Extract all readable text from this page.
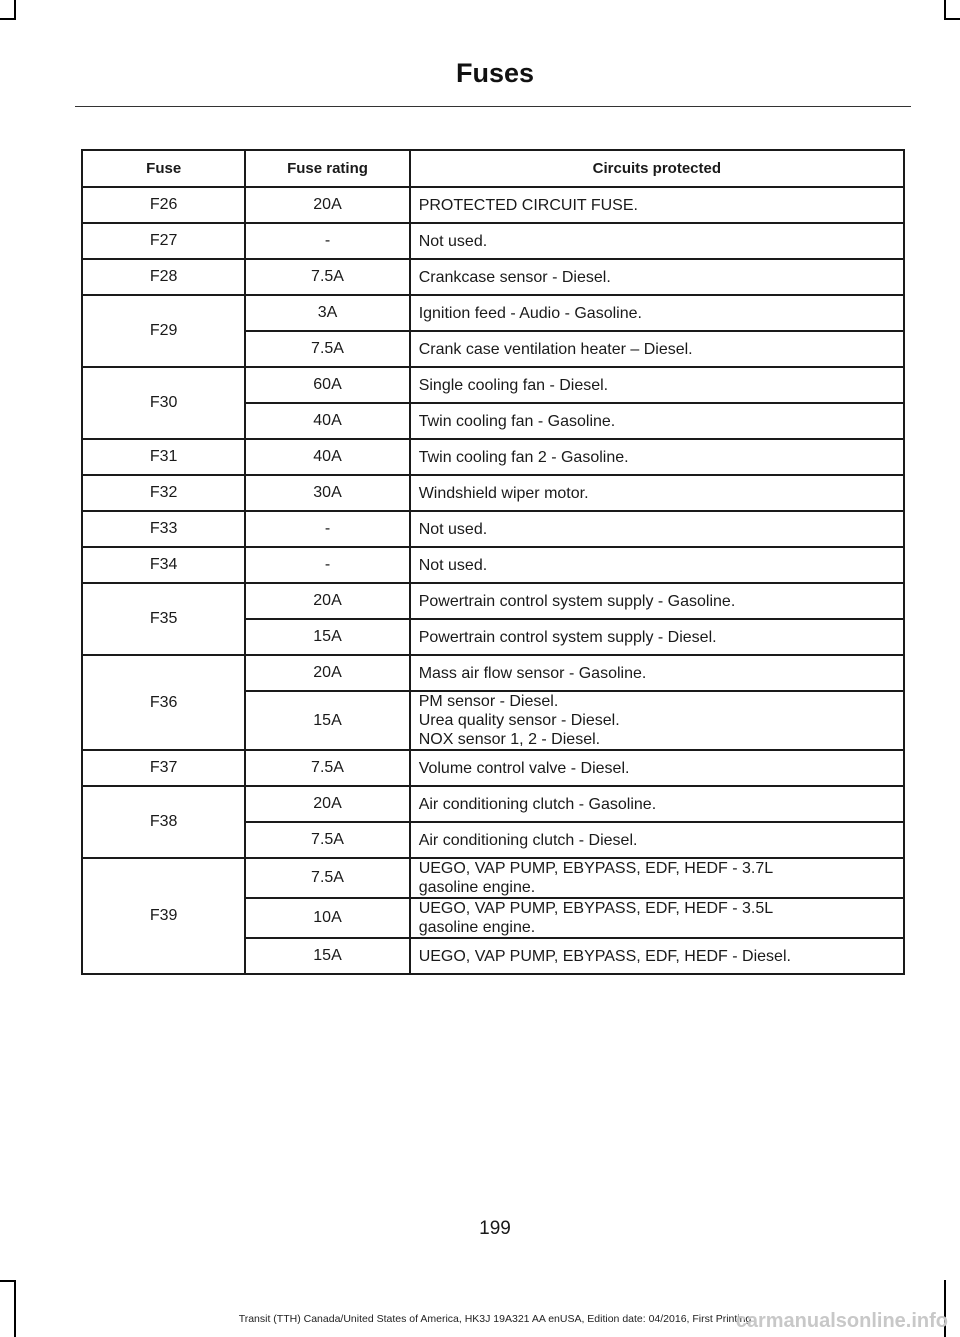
Fuses
Fuse	Fuse rating	Circuits protected
F26	20A	PROTECTED CIRCUIT FUSE.
F27	-	Not used.
F28	7.5A	Crankcase sensor - Diesel.
F29	3A	Ignition feed - Audio - Gasoline.
	7.5A	Crank case ventilation heater – Diesel.
F30	60A	Single cooling fan - Diesel.
	40A	Twin cooling fan - Gasoline.
F31	40A	Twin cooling fan 2 - Gasoline.
F32	30A	Windshield wiper motor.
F33	-	Not used.
F34	-	Not used.
F35	20A	Powertrain control system supply - Gasoline.
	15A	Powertrain control system supply - Diesel.
F36	20A	Mass air flow sensor - Gasoline.
	15A	PM sensor - Diesel.
Urea quality sensor - Diesel.
NOX sensor 1, 2 - Diesel.

F37	7.5A	Volume control valve - Diesel.
F38	20A	Air conditioning clutch - Gasoline.
	7.5A	Air conditioning clutch - Diesel.
F39	7.5A	UEGO, VAP PUMP, EBYPASS, EDF, HEDF - 3.7L
gasoline engine.

	10A	UEGO, VAP PUMP, EBYPASS, EDF, HEDF - 3.5L
gasoline engine.

	15A	UEGO, VAP PUMP, EBYPASS, EDF, HEDF - Diesel.
199
Transit (TTH) Canada/United States of America, HK3J 19A321 AA enUSA, Edition date: 04/2016, First Printing
carmanualsonline.info
